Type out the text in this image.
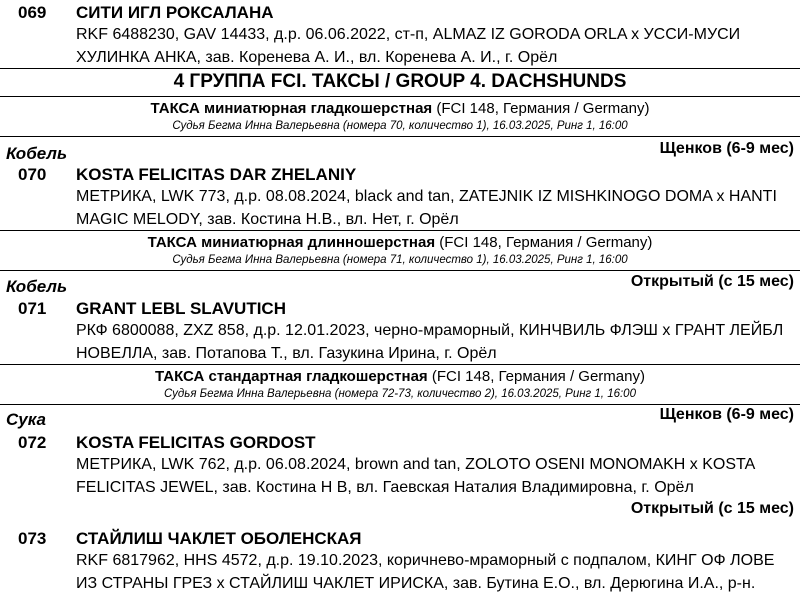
069 СИТИ ИГЛ РОКСАЛАНА
RKF 6488230, GAV 14433, д.р. 06.06.2022, ст-п, ALMAZ IZ GORODA ORLA x УССИ-МУСИ
ХУЛИНКА АНКА, зав. Коренева А. И., вл. Коренева А. И., г. Орёл
4 ГРУППА FCI. ТАКСЫ / GROUP 4. DACHSHUNDS
ТАКСА миниатюрная гладкошерстная (FCI 148, Германия / Germany)
Судья Бегма Инна Валерьевна (номера 70, количество 1), 16.03.2025, Ринг 1, 16:00
Кобель	Щенков (6-9 мес)
070 KOSTA FELICITAS DAR ZHELANIY
МЕТРИКА, LWK 773, д.р. 08.08.2024, black and tan, ZATEJNIK IZ MISHKINOGO DOMA x HANTI
MAGIC MELODY, зав. Костина Н.В., вл. Нет, г. Орёл
ТАКСА миниатюрная длинношерстная (FCI 148, Германия / Germany)
Судья Бегма Инна Валерьевна (номера 71, количество 1), 16.03.2025, Ринг 1, 16:00
Кобель	Открытый (с 15 мес)
071 GRANT LEBL SLAVUTICH
РКФ 6800088, ZXZ 858, д.р. 12.01.2023, черно-мраморный, КИНЧВИЛЬ ФЛЭШ х ГРАНТ ЛЕЙБЛ
НОВЕЛЛА, зав. Потапова Т., вл. Газукина Ирина, г. Орёл
ТАКСА стандартная гладкошерстная (FCI 148, Германия / Germany)
Судья Бегма Инна Валерьевна (номера 72-73, количество 2), 16.03.2025, Ринг 1, 16:00
Сука	Щенков (6-9 мес)
072 KOSTA FELICITAS GORDOST
МЕТРИКА, LWK 762, д.р. 06.08.2024, brown and tan, ZOLOTO OSENI MONOMAKH x KOSTA
FELICITAS JEWEL, зав. Костина Н В, вл. Гаевская Наталия Владимировна, г. Орёл
Открытый (с 15 мес)
073 СТАЙЛИШ ЧАКЛЕТ ОБОЛЕНСКАЯ
RKF 6817962, HHS 4572, д.р. 19.10.2023, коричнево-мраморный с подпалом, КИНГ ОФ ЛОВЕ
ИЗ СТРАНЫ ГРЕЗ х СТАЙЛИШ ЧАКЛЕТ ИРИСКА, зав. Бутина Е.О., вл. Дерюгина И.А., р-н.
